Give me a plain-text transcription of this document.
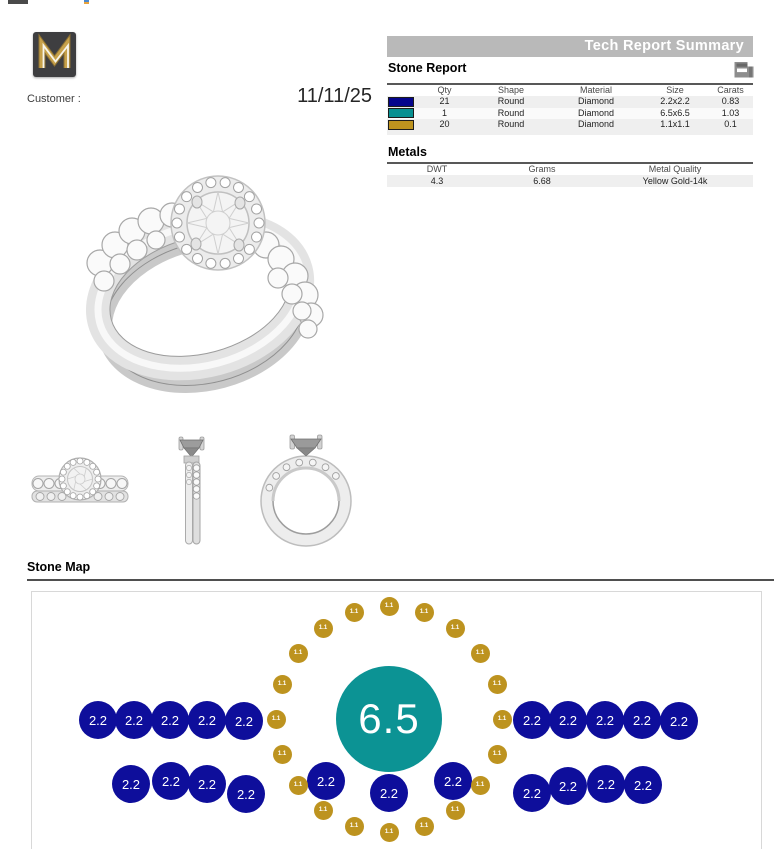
Customer :	11/11/25
Tech Report Summary
Stone Report
Qty	Shape	Material	Size	Carats
21	Round	Diamond	2.2x2.2	0.83
1	Round	Diamond	6.5x6.5	1.03
20	Round	Diamond	1.1x1.1	0.1
Metals
DWT	Grams	Metal Quality
4.3	6.68	Yellow Gold-14k
Stone Map
6.5
2.2	2.2	2.2	2.2	2.2	2.2	2.2	2.2	2.2	2.2
2.2	2.2	2.2
2.2
2.2
2.2
2.2
2.2	2.2	2.2	2.2
1.1
1.1
1.1
1.1
1.1
1.1
1.1
1.1
1.1
1.1
1.1
1.1
1.1
1.1
1.1
1.1
1.1
1.1
1.1
1.1
